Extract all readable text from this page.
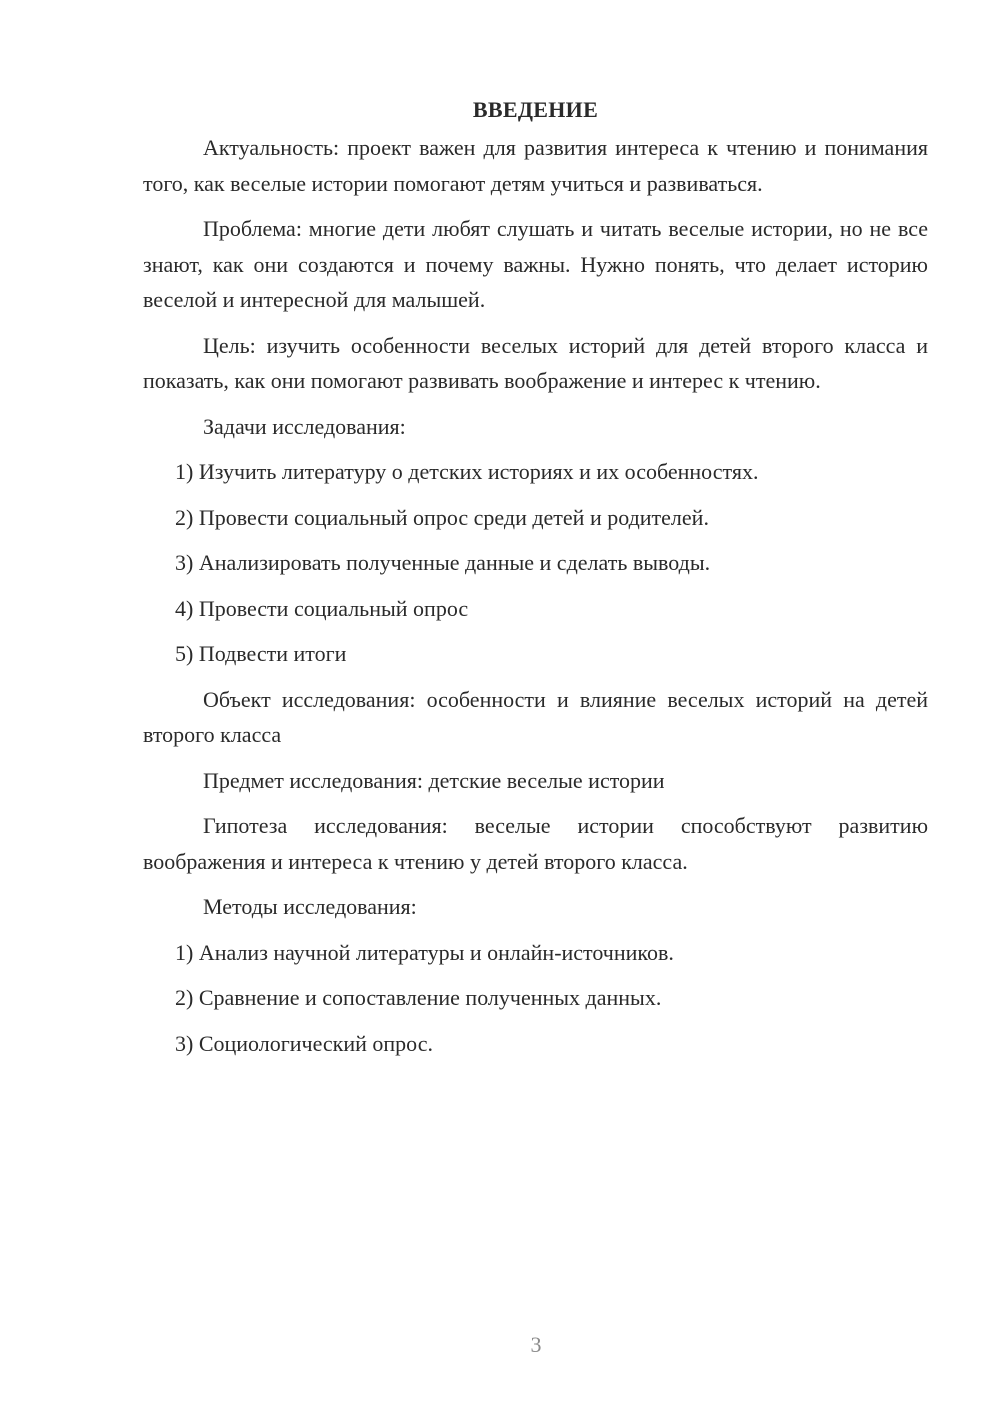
ВВЕДЕНИЕ

Актуальность: проект важен для развития интереса к чтению и понимания того, как веселые истории помогают детям учиться и развиваться.

Проблема: многие дети любят слушать и читать веселые истории, но не все знают, как они создаются и почему важны. Нужно понять, что делает историю веселой и интересной для малышей.

Цель: изучить особенности веселых историй для детей второго класса и показать, как они помогают развивать воображение и интерес к чтению.

Задачи исследования:

1) Изучить литературу о детских историях и их особенностях.
2) Провести социальный опрос среди детей и родителей.
3) Анализировать полученные данные и сделать выводы.
4) Провести социальный опрос
5) Подвести итоги

Объект исследования: особенности и влияние веселых историй на детей второго класса

Предмет исследования: детские веселые истории

Гипотеза исследования: веселые истории способствуют развитию воображения и интереса к чтению у детей второго класса.

Методы исследования:

1) Анализ научной литературы и онлайн-источников.
2) Сравнение и сопоставление полученных данных.
3) Социологический опрос.
3
